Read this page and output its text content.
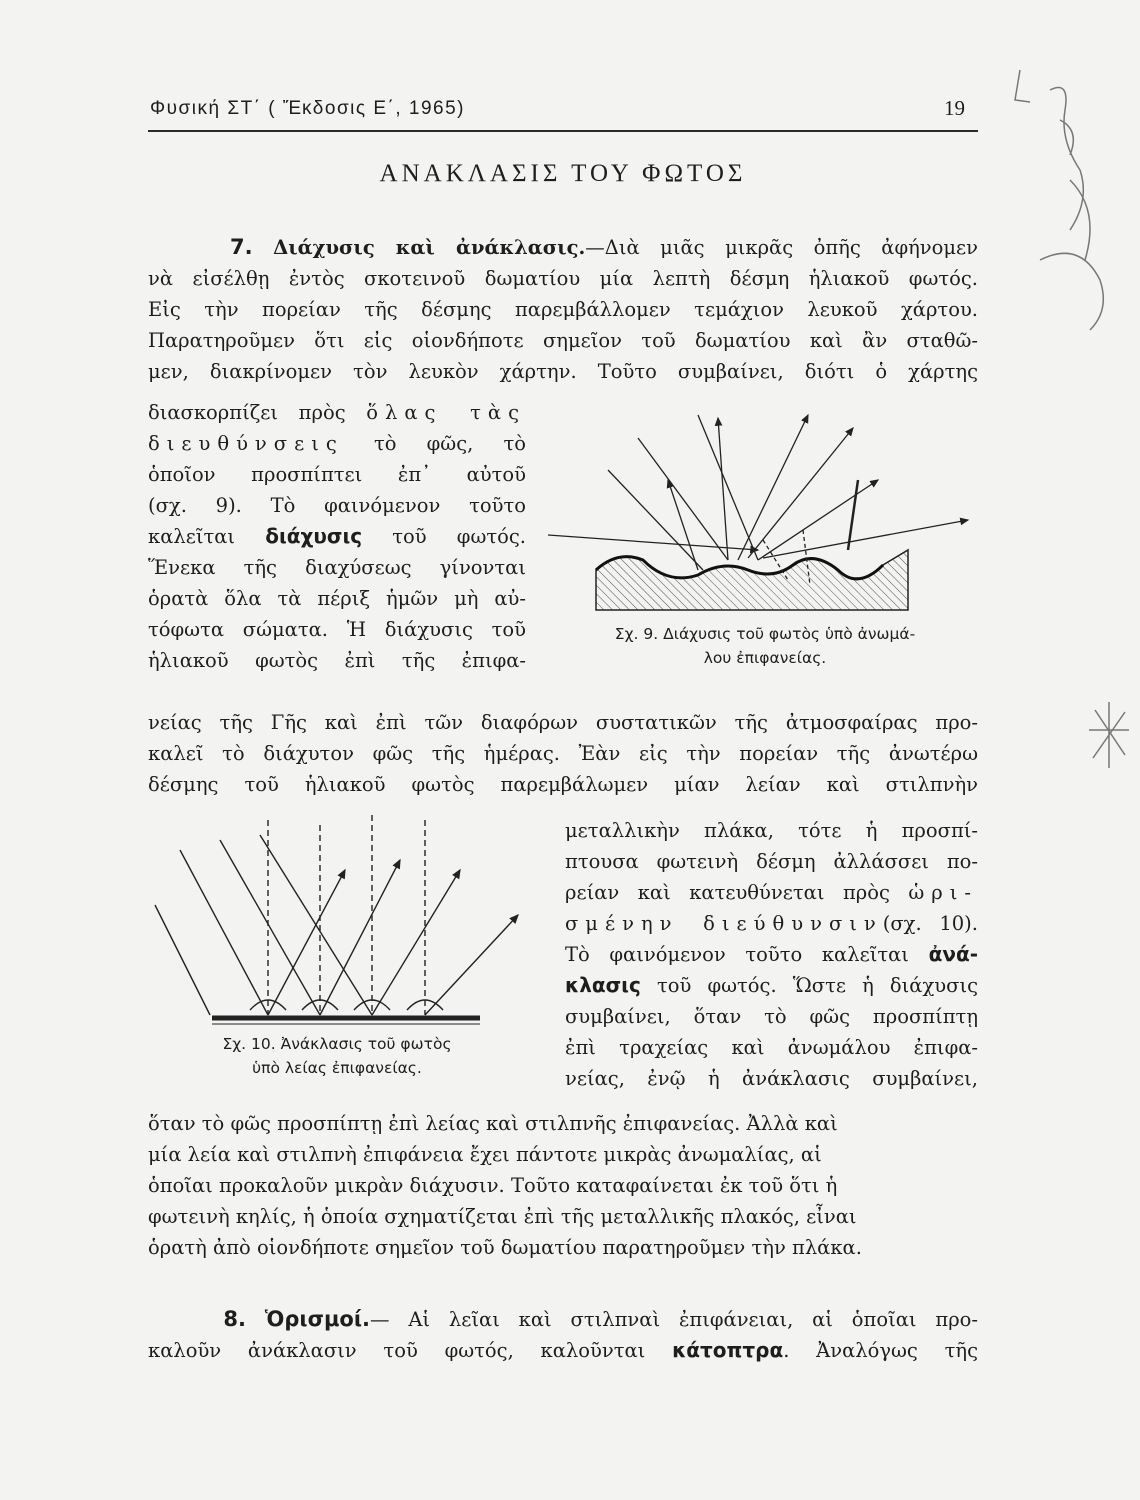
Φυσική ΣΤ΄ ( Ἔκδοσις Ε΄, 1965)	19
ΑΝΑΚΛΑΣΙΣ ΤΟΥ ΦΩΤΟΣ
7. Διάχυσις καὶ ἀνάκλασις.—Διὰ μιᾶς μικρᾶς ὀπῆς ἀφήνομεν
νὰ εἰσέλθῃ ἐντὸς σκοτεινοῦ δωματίου μία λεπτὴ δέσμη ἡλιακοῦ φωτός.
Εἰς τὴν πορείαν τῆς δέσμης παρεμβάλλομεν τεμάχιον λευκοῦ χάρτου.
Παρατηροῦμεν ὅτι εἰς οἱονδήποτε σημεῖον τοῦ δωματίου καὶ ἂν σταθῶ-
μεν, διακρίνομεν τὸν λευκὸν χάρτην. Τοῦτο συμβαίνει, διότι ὁ χάρτης
διασκορπίζει πρὸς ὅλας τὰς
διευθύνσεις τὸ φῶς, τὸ
ὁποῖον προσπίπτει ἐπ᾿ αὐτοῦ
(σχ. 9). Τὸ φαινόμενον τοῦτο
καλεῖται διάχυσις τοῦ φωτός.
Ἕνεκα τῆς διαχύσεως γίνονται
ὁρατὰ ὅλα τὰ πέριξ ἡμῶν μὴ αὐ-
τόφωτα σώματα. Ἡ διάχυσις τοῦ
ἡλιακοῦ φωτὸς ἐπὶ τῆς ἐπιφα-
Σχ. 9. Διάχυσις τοῦ φωτὸς ὑπὸ ἀνωμά-
λου ἐπιφανείας.
νείας τῆς Γῆς καὶ ἐπὶ τῶν διαφόρων συστατικῶν τῆς ἀτμοσφαίρας προ-
καλεῖ τὸ διάχυτον φῶς τῆς ἡμέρας. Ἐὰν εἰς τὴν πορείαν τῆς ἀνωτέρω
δέσμης τοῦ ἡλιακοῦ φωτὸς παρεμβάλωμεν μίαν λείαν καὶ στιλπνὴν
Σχ. 10. Ἀνάκλασις τοῦ φωτὸς
ὑπὸ λείας ἐπιφανείας.
μεταλλικὴν πλάκα, τότε ἡ προσπί-
πτουσα φωτεινὴ δέσμη ἀλλάσσει πο-
ρείαν καὶ κατευθύνεται πρὸς ὡρι-
σμένην διεύθυνσιν(σχ. 10).
Τὸ φαινόμενον τοῦτο καλεῖται ἀνά-
κλασις τοῦ φωτός. Ὥστε ἡ διάχυσις
συμβαίνει, ὅταν τὸ φῶς προσπίπτῃ
ἐπὶ τραχείας καὶ ἀνωμάλου ἐπιφα-
νείας, ἐνῷ ἡ ἀνάκλασις συμβαίνει,
ὅταν τὸ φῶς προσπίπτῃ ἐπὶ λείας καὶ στιλπνῆς ἐπιφανείας. Ἀλλὰ καὶ
μία λεία καὶ στιλπνὴ ἐπιφάνεια ἔχει πάντοτε μικρὰς ἀνωμαλίας, αἱ
ὁποῖαι προκαλοῦν μικρὰν διάχυσιν. Τοῦτο καταφαίνεται ἐκ τοῦ ὅτι ἡ
φωτεινὴ κηλίς, ἡ ὁποία σχηματίζεται ἐπὶ τῆς μεταλλικῆς πλακός, εἶναι
ὁρατὴ ἀπὸ οἱονδήποτε σημεῖον τοῦ δωματίου παρατηροῦμεν τὴν πλάκα.
8. Ὁρισμοί.— Αἱ λεῖαι καὶ στιλπναὶ ἐπιφάνειαι, αἱ ὁποῖαι προ-
καλοῦν ἀνάκλασιν τοῦ φωτός, καλοῦνται κάτοπτρα. Ἀναλόγως τῆς
